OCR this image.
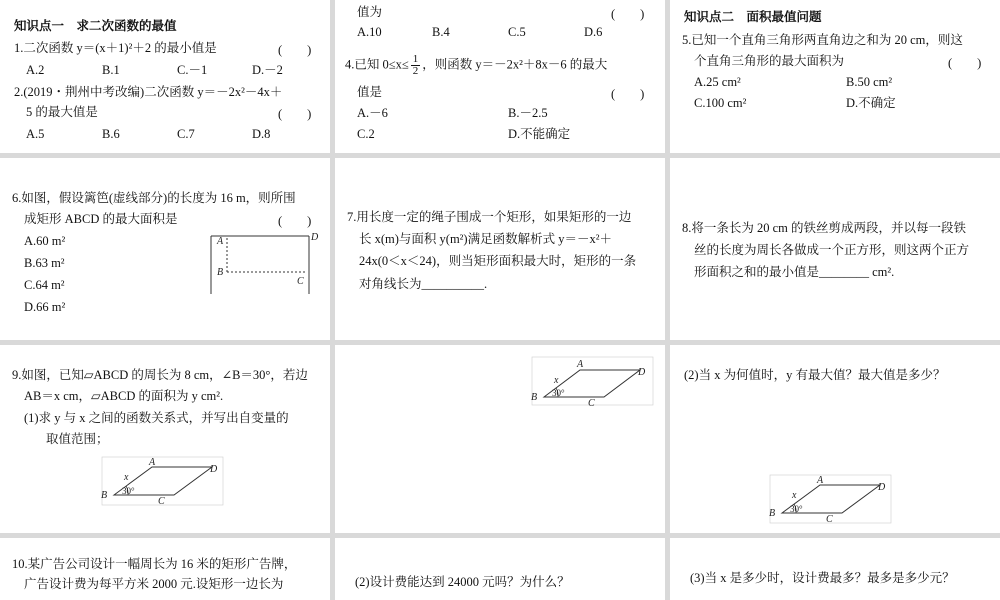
知识点一　求二次函数的最值
1.二次函数 y＝(x＋1)²＋2 的最小值是	(　　)
A.2	B.1	C.－1	D.－2
2.(2019・荆州中考改编)二次函数 y＝－2x²－4x＋
5 的最大值是	(　　)
A.5	B.6	C.7	D.8
值为	(　　)
A.10	B.4	C.5	D.6
4.已知 $0\le x\le \frac{1}{2}$ ，则函数 y＝－2x²＋8x－6 的最大
值是	(　　)
A.－6	B.－2.5
C.2	D.不能确定
知识点二　面积最值问题
5.已知一个直角三角形两直角边之和为 20 cm，则这
个直角三角形的最大面积为	(　　)
A.25 cm²	B.50 cm²
C.100 cm²	D.不确定
6.如图，假设篱笆(虚线部分)的长度为 16 m，则所围
成矩形 ABCD 的最大面积是	(　　)
A.60 m²
B.63 m²
C.64 m²
D.66 m²
A	D
B
C
7.用长度一定的绳子围成一个矩形，如果矩形的一边
长 x(m)与面积 y(m²)满足函数解析式 y＝－x²＋
24x(0＜x＜24)，则当矩形面积最大时，矩形的一条
对角线长为__________.
8.将一条长为 20 cm 的铁丝剪成两段，并以每一段铁
丝的长度为周长各做成一个正方形，则这两个正方
形面积之和的最小值是________ cm².
9.如图，已知▱ABCD 的周长为 8 cm，∠B＝30°，若边
AB＝x cm，▱ABCD 的面积为 y cm².
(1)求 y 与 x 之间的函数关系式，并写出自变量的
取值范围；
A
D
B
C
x
30°
A
D
B
C
x
30°
(2)当 x 为何值时，y 有最大值？最大值是多少？
A
D
B
C
x
30°
10.某广告公司设计一幅周长为 16 米的矩形广告牌，
广告设计费为每平方米 2000 元.设矩形一边长为	(2)设计费能达到 24000 元吗？为什么？	(3)当 x 是多少时，设计费最多？最多是多少元？
